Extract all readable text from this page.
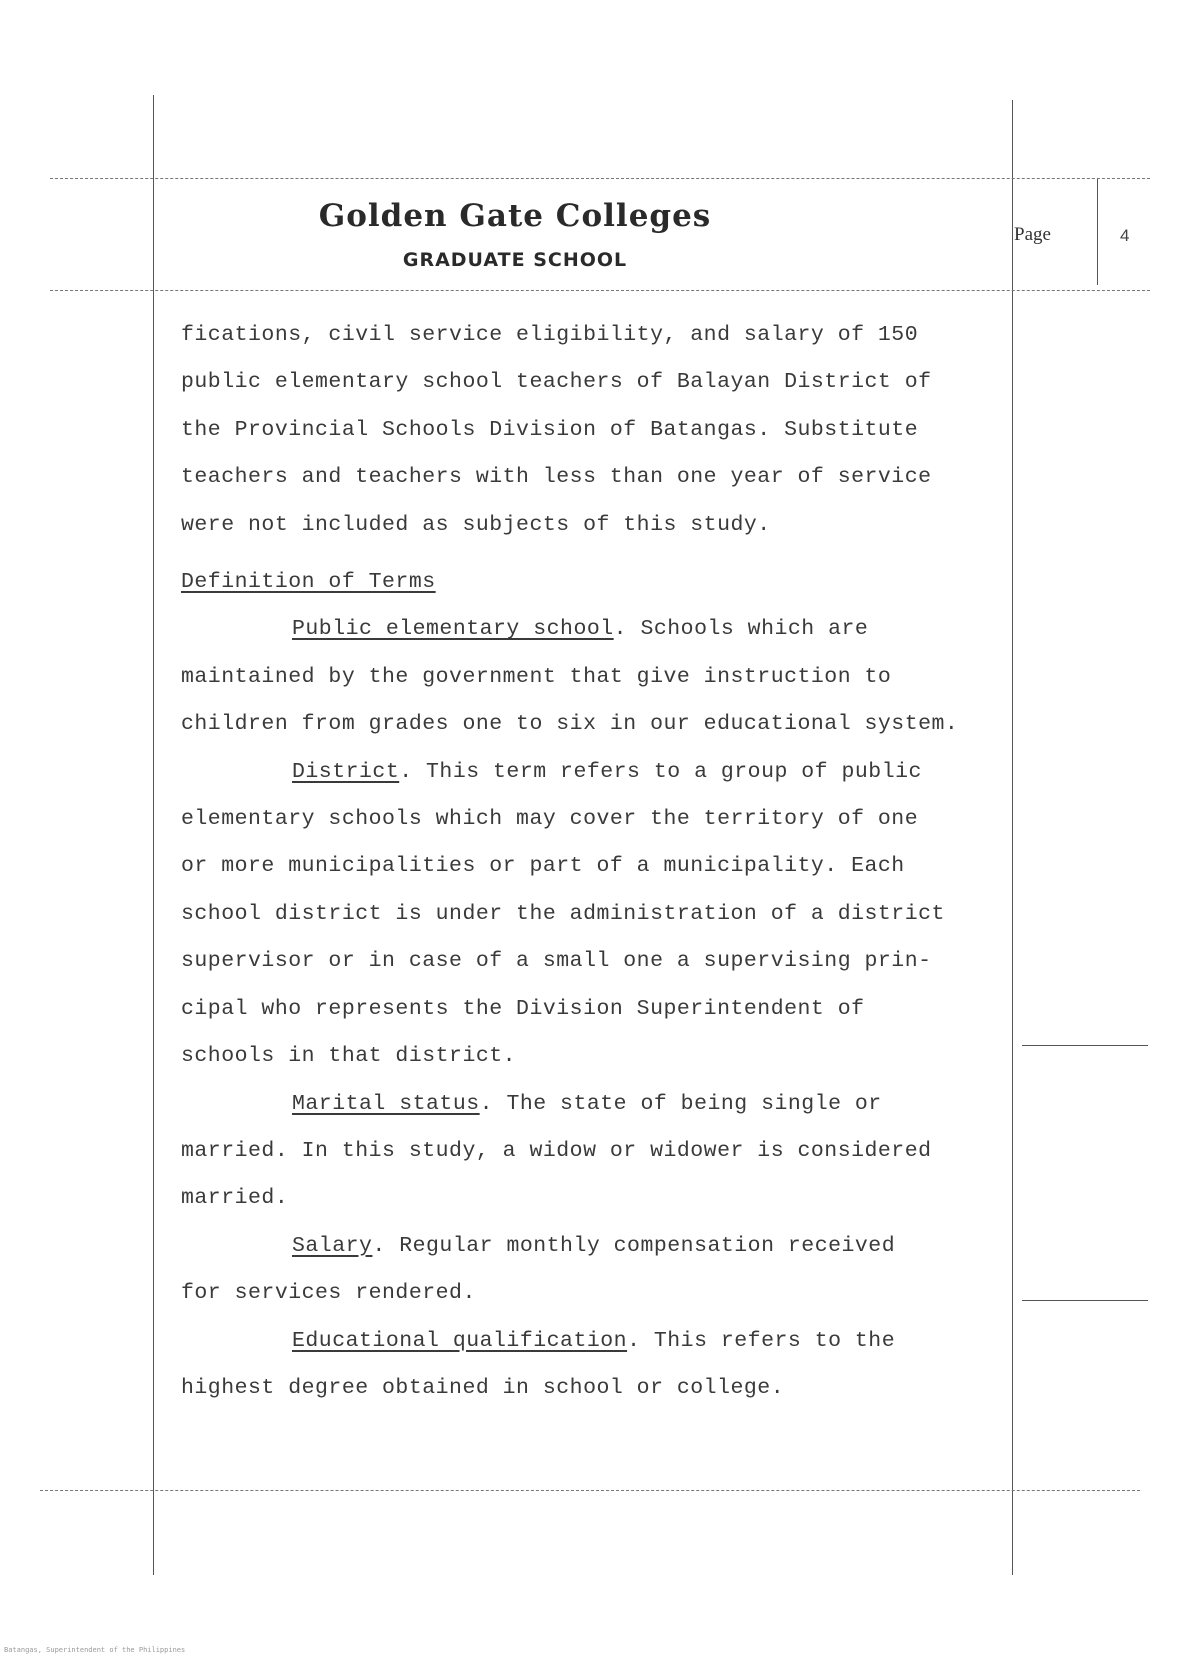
Golden Gate Colleges
GRADUATE SCHOOL
Page	4

fications, civil service eligibility, and salary of 150

public elementary school teachers of Balayan District of

the Provincial Schools Division of Batangas. Substitute

teachers and teachers with less than one year of service

were not included as subjects of this study.

Definition of Terms

Public elementary school. Schools which are

maintained by the government that give instruction to

children from grades one to six in our educational system.

District. This term refers to a group of public

elementary schools which may cover the territory of one

or more municipalities or part of a municipality. Each

school district is under the administration of a district

supervisor or in case of a small one a supervising prin-

cipal who represents the Division Superintendent of

schools in that district.

Marital status. The state of being single or

married. In this study, a widow or widower is considered

married.

Salary. Regular monthly compensation received

for services rendered.

Educational qualification. This refers to the

highest degree obtained in school or college.

Batangas, Superintendent of the Philippines
